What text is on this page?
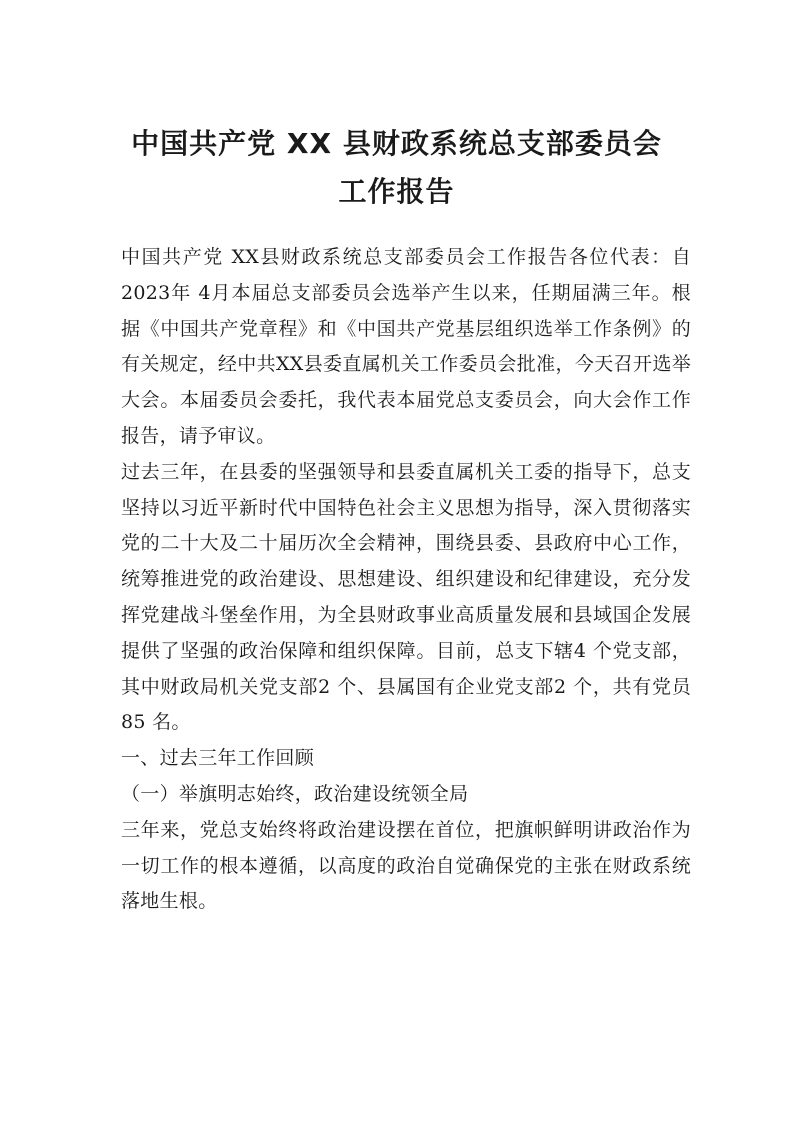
中国共产党 XX 县财政系统总支部委员会
工作报告

中国共产党 XX县财政系统总支部委员会工作报告各位代表：自 2023年 4月本届总支部委员会选举产生以来，任期届满三年。根据《中国共产党章程》和《中国共产党基层组织选举工作条例》的有关规定，经中共XX县委直属机关工作委员会批准，今天召开选举大会。本届委员会委托，我代表本届党总支委员会，向大会作工作报告，请予审议。

过去三年，在县委的坚强领导和县委直属机关工委的指导下，总支坚持以习近平新时代中国特色社会主义思想为指导，深入贯彻落实党的二十大及二十届历次全会精神，围绕县委、县政府中心工作，统筹推进党的政治建设、思想建设、组织建设和纪律建设，充分发挥党建战斗堡垒作用，为全县财政事业高质量发展和县域国企发展提供了坚强的政治保障和组织保障。目前，总支下辖4 个党支部，其中财政局机关党支部2 个、县属国有企业党支部2 个，共有党员85 名。

一、过去三年工作回顾

（一）举旗明志始终，政治建设统领全局

三年来，党总支始终将政治建设摆在首位，把旗帜鲜明讲政治作为一切工作的根本遵循，以高度的政治自觉确保党的主张在财政系统落地生根。
